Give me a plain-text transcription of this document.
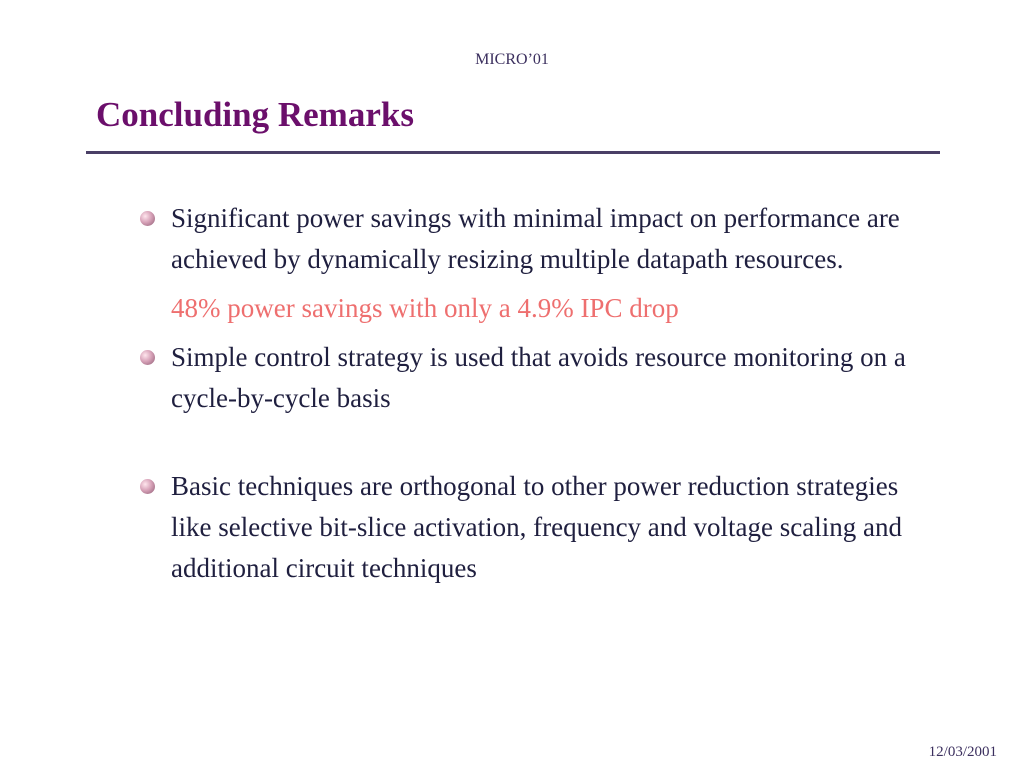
MICRO’01
Concluding Remarks
Significant power savings with minimal impact on performance are achieved by dynamically resizing multiple datapath resources.
48% power savings with only a 4.9% IPC drop
Simple control strategy is used that avoids resource monitoring on a cycle-by-cycle basis
Basic techniques are orthogonal to other power reduction strategies like selective bit-slice activation, frequency and voltage scaling and additional circuit techniques
12/03/2001
